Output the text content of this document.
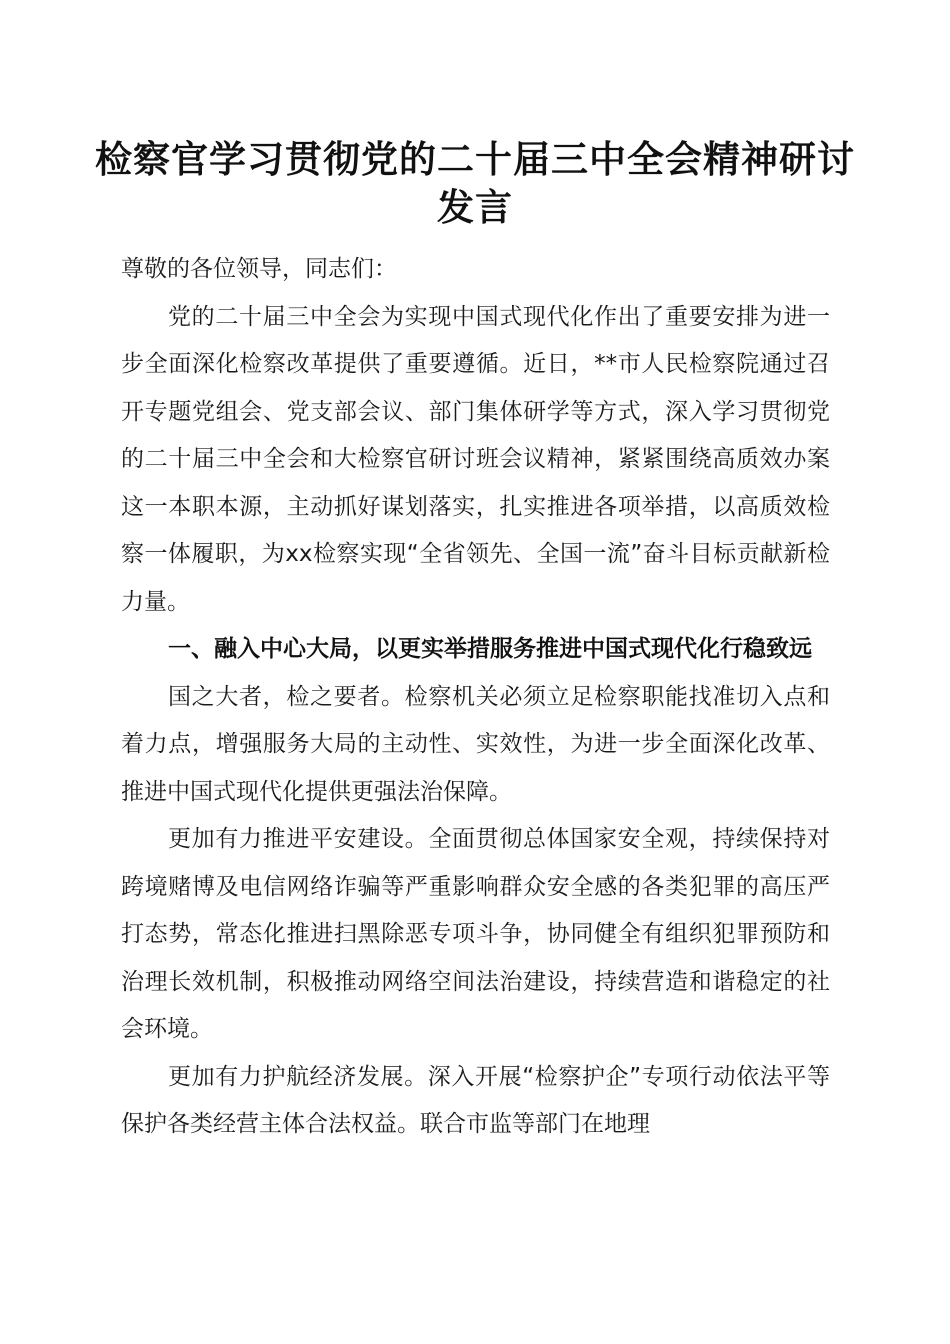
检察官学习贯彻党的二十届三中全会精神研讨
发言

尊敬的各位领导，同志们：

党的二十届三中全会为实现中国式现代化作出了重要安排为进一步全面深化检察改革提供了重要遵循。近日，**市人民检察院通过召开专题党组会、党支部会议、部门集体研学等方式，深入学习贯彻党的二十届三中全会和大检察官研讨班会议精神，紧紧围绕高质效办案这一本职本源，主动抓好谋划落实，扎实推进各项举措，以高质效检察一体履职，为xx检察实现“全省领先、全国一流”奋斗目标贡献新检力量。

一、融入中心大局，以更实举措服务推进中国式现代化行稳致远

国之大者，检之要者。检察机关必须立足检察职能找准切入点和着力点，增强服务大局的主动性、实效性，为进一步全面深化改革、推进中国式现代化提供更强法治保障。

更加有力推进平安建设。全面贯彻总体国家安全观，持续保持对跨境赌博及电信网络诈骗等严重影响群众安全感的各类犯罪的高压严打态势，常态化推进扫黑除恶专项斗争，协同健全有组织犯罪预防和治理长效机制，积极推动网络空间法治建设，持续营造和谐稳定的社会环境。

更加有力护航经济发展。深入开展“检察护企”专项行动依法平等保护各类经营主体合法权益。联合市监等部门在地理
